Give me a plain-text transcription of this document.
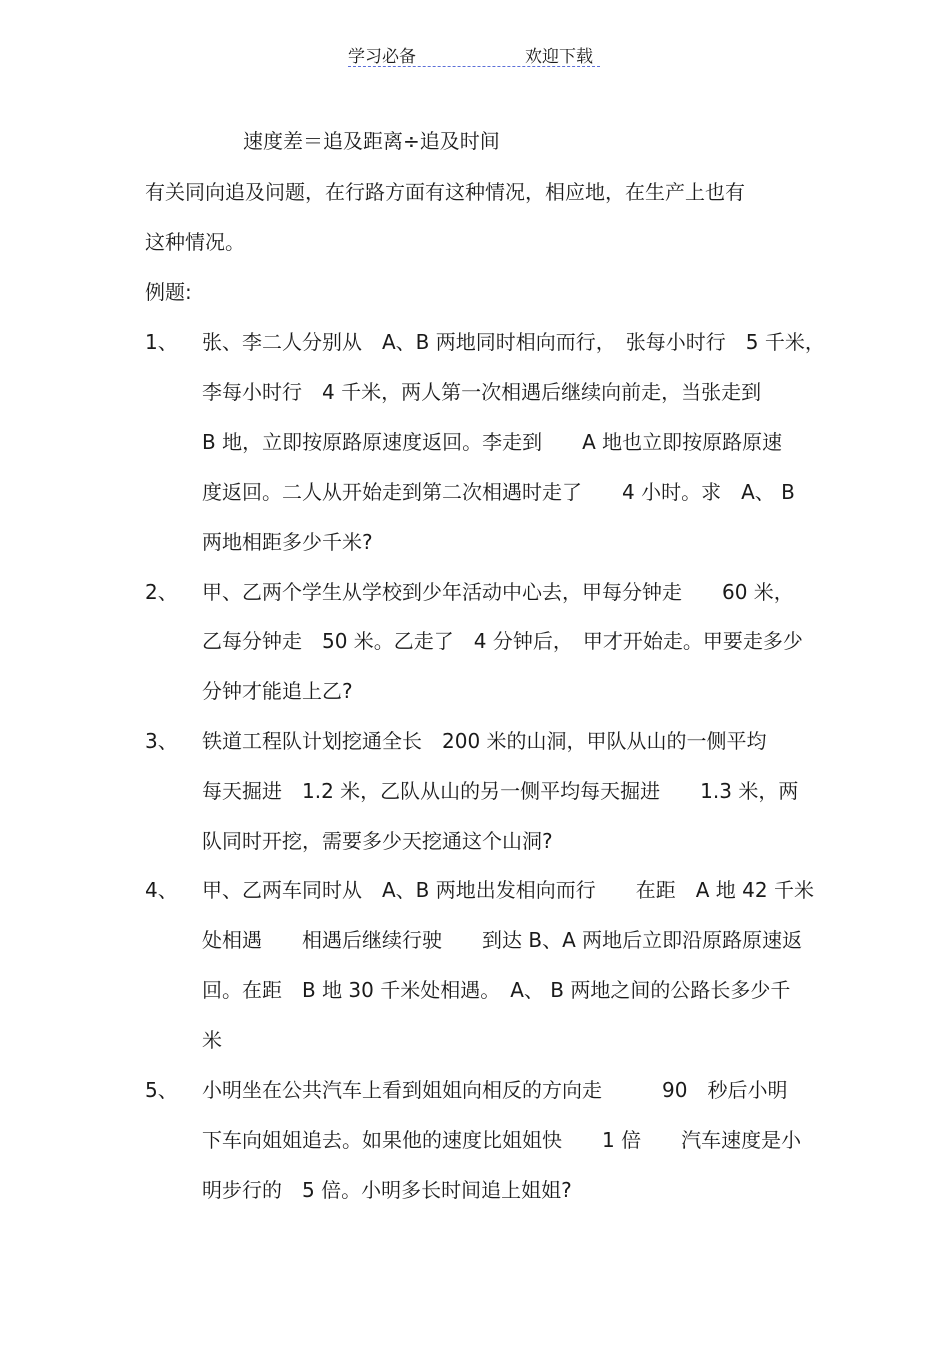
学习必备	欢迎下载
速度差＝追及距离÷追及时间
有关同向追及问题，在行路方面有这种情况，相应地，在生产上也有
这种情况。
例题:
1、 张、李二人分别从　A、B 两地同时相向而行，　张每小时行　5 千米，
李每小时行　4 千米，两人第一次相遇后继续向前走，当张走到
B 地，立即按原路原速度返回。李走到　　A 地也立即按原路原速
度返回。二人从开始走到第二次相遇时走了　　4 小时。求　A、 B
两地相距多少千米?
2、 甲、乙两个学生从学校到少年活动中心去，甲每分钟走　　60 米，
乙每分钟走　50 米。乙走了　4 分钟后，　甲才开始走。甲要走多少
分钟才能追上乙?
3、 铁道工程队计划挖通全长　200 米的山洞，甲队从山的一侧平均
每天掘进　1.2 米，乙队从山的另一侧平均每天掘进　　1.3 米，两
队同时开挖，需要多少天挖通这个山洞?
4、 甲、乙两车同时从　A、B 两地出发相向而行　　在距　A 地 42 千米
处相遇　　相遇后继续行驶　　到达 B、A 两地后立即沿原路原速返
回。在距　B 地 30 千米处相遇。　A、 B 两地之间的公路长多少千
米
5、 小明坐在公共汽车上看到姐姐向相反的方向走　　　90　秒后小明
下车向姐姐追去。如果他的速度比姐姐快　　1 倍　　汽车速度是小
明步行的　5 倍。小明多长时间追上姐姐?
